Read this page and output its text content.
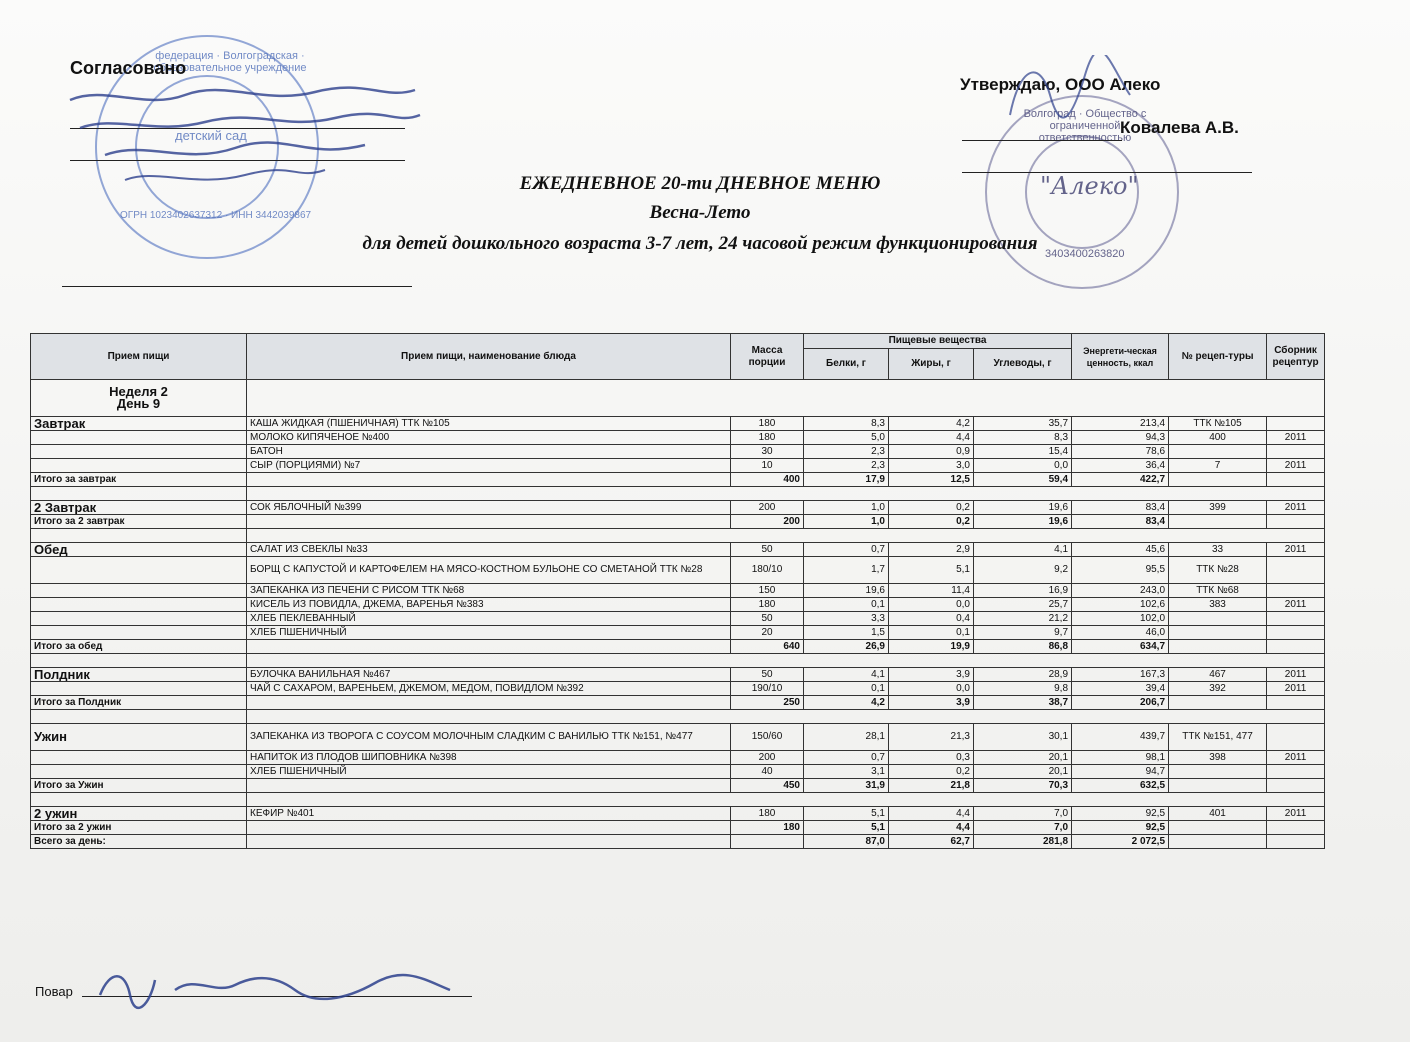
федерация · Волгоградская · образовательное учреждение
детский сад
ОГРН 1023402637312 · ИНН 3442039867
Согласовано
"Алеко"
Волгоград · Общество с ограниченной ответственностью
3403400263820
Утверждаю, ООО Алеко
Ковалева А.В.
ЕЖЕДНЕВНОЕ 20-ти ДНЕВНОЕ МЕНЮ
Весна-Лето
для детей дошкольного возраста 3-7 лет, 24 часовой режим функционирования
Прием пищи	Прием пищи, наименование блюда	Масса порции	Пищевые вещества			Энергети-ческая ценность, ккал	№ рецеп-туры	Сборник рецептур
			Белки, г	Жиры, г	Углеводы, г			

Неделя 2
День 9								

Завтрак	КАША ЖИДКАЯ (ПШЕНИЧНАЯ) ТТК №105	180	8,3	4,2	35,7	213,4	ТТК №105	
	МОЛОКО КИПЯЧЕНОЕ №400	180	5,0	4,4	8,3	94,3	400	2011
	БАТОН	30	2,3	0,9	15,4	78,6		
	СЫР (ПОРЦИЯМИ) №7	10	2,3	3,0	0,0	36,4	7	2011
Итого за завтрак		400	17,9	12,5	59,4	422,7		

2 Завтрак	СОК ЯБЛОЧНЫЙ №399	200	1,0	0,2	19,6	83,4	399	2011
Итого за 2 завтрак		200	1,0	0,2	19,6	83,4		

Обед	САЛАТ ИЗ СВЕКЛЫ №33	50	0,7	2,9	4,1	45,6	33	2011
	БОРЩ С КАПУСТОЙ И КАРТОФЕЛЕМ НА МЯСО-КОСТНОМ БУЛЬОНЕ СО СМЕТАНОЙ ТТК №28	180/10	1,7	5,1	9,2	95,5	ТТК №28	
	ЗАПЕКАНКА ИЗ ПЕЧЕНИ С РИСОМ ТТК №68	150	19,6	11,4	16,9	243,0	ТТК №68	
	КИСЕЛЬ ИЗ ПОВИДЛА, ДЖЕМА, ВАРЕНЬЯ №383	180	0,1	0,0	25,7	102,6	383	2011
	ХЛЕБ ПЕКЛЕВАННЫЙ	50	3,3	0,4	21,2	102,0		
	ХЛЕБ ПШЕНИЧНЫЙ	20	1,5	0,1	9,7	46,0		
Итого за обед		640	26,9	19,9	86,8	634,7		

Полдник	БУЛОЧКА ВАНИЛЬНАЯ №467	50	4,1	3,9	28,9	167,3	467	2011
	ЧАЙ С САХАРОМ, ВАРЕНЬЕМ, ДЖЕМОМ, МЕДОМ, ПОВИДЛОМ №392	190/10	0,1	0,0	9,8	39,4	392	2011
Итого за Полдник		250	4,2	3,9	38,7	206,7		

Ужин	ЗАПЕКАНКА ИЗ ТВОРОГА С СОУСОМ МОЛОЧНЫМ СЛАДКИМ С ВАНИЛЬЮ ТТК №151, №477	150/60	28,1	21,3	30,1	439,7	ТТК №151, 477	
	НАПИТОК ИЗ ПЛОДОВ ШИПОВНИКА №398	200	0,7	0,3	20,1	98,1	398	2011
	ХЛЕБ ПШЕНИЧНЫЙ	40	3,1	0,2	20,1	94,7		
Итого за Ужин		450	31,9	21,8	70,3	632,5		

2 ужин	КЕФИР №401	180	5,1	4,4	7,0	92,5	401	2011
Итого за 2 ужин		180	5,1	4,4	7,0	92,5		
Всего за день:			87,0	62,7	281,8	2 072,5		
Повар
